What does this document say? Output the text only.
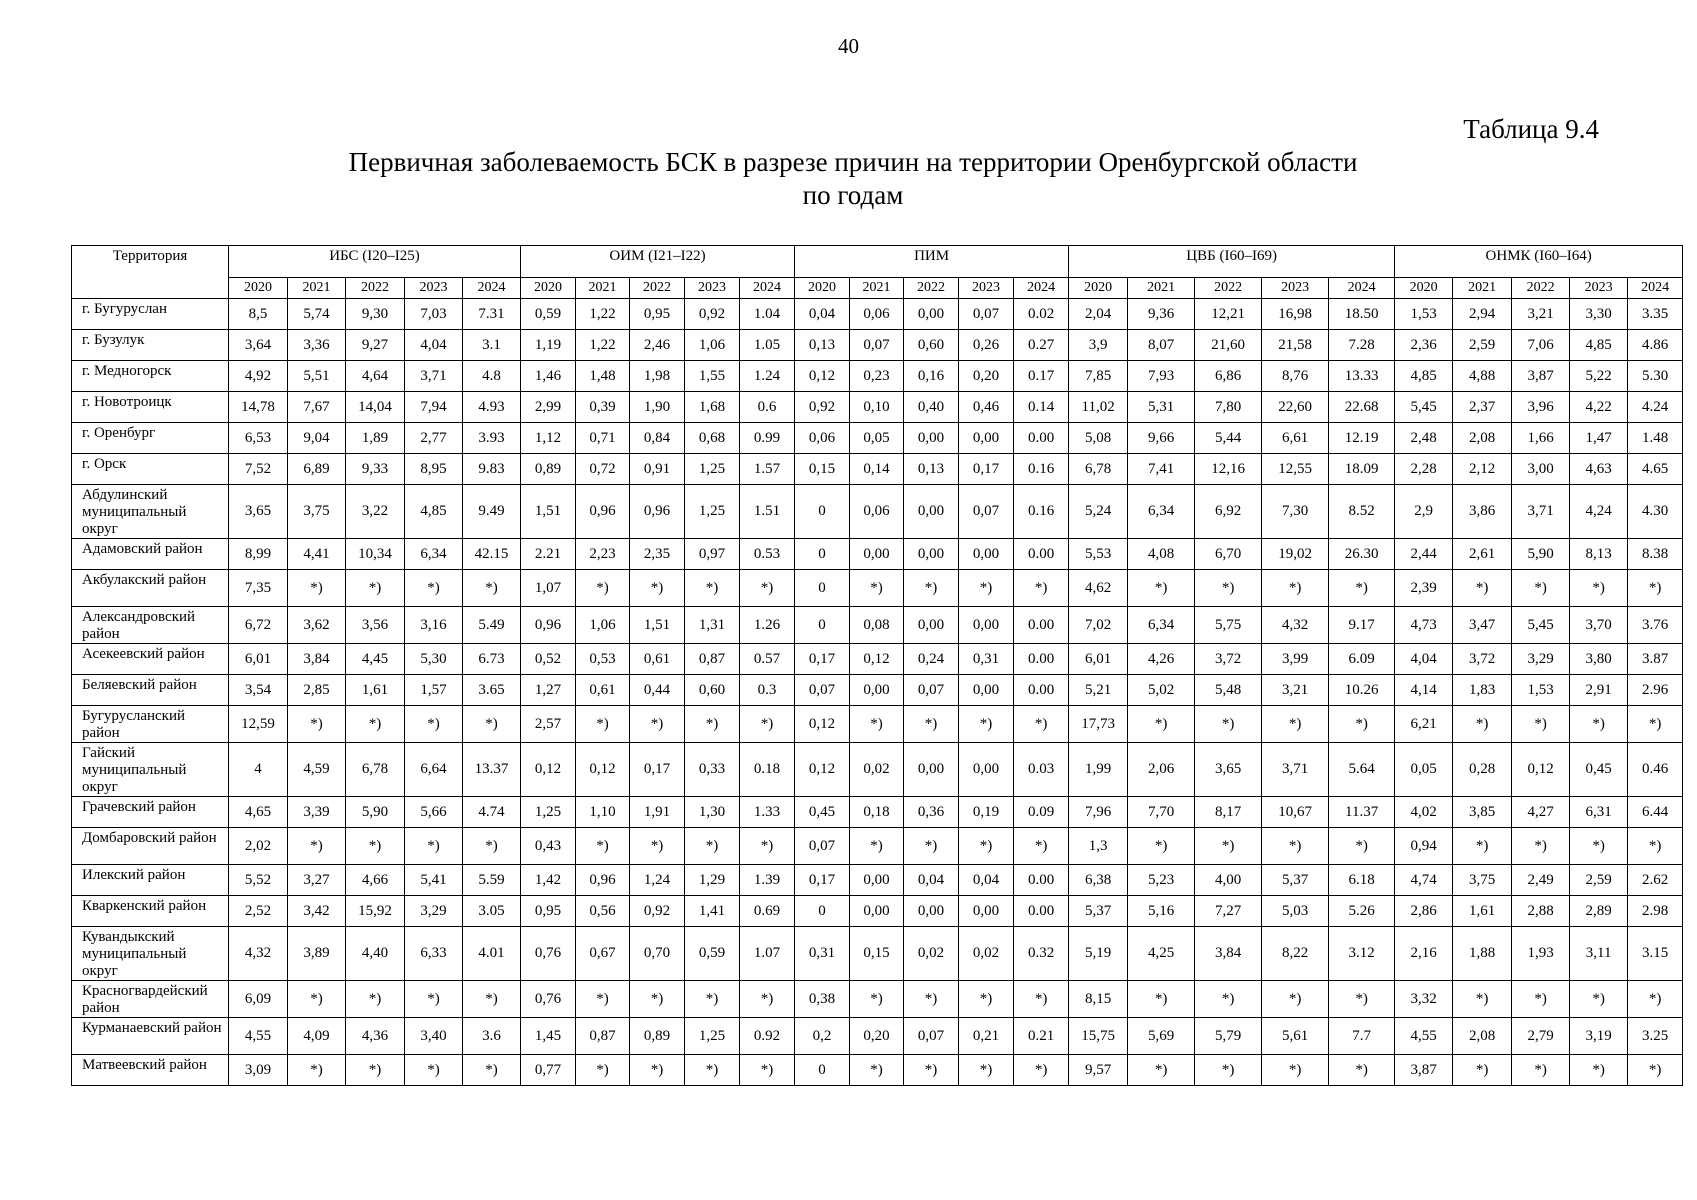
40
Таблица 9.4
Первичная заболеваемость БСК в разрезе причин на территории Оренбургской области
по годам
Территория	ИБС (I20–I25)					ОИМ (I21–I22)					ПИМ					ЦВБ (I60–I69)					ОНМК (I60–I64)				
	2020	2021	2022	2023	2024	2020	2021	2022	2023	2024	2020	2021	2022	2023	2024	2020	2021	2022	2023	2024	2020	2021	2022	2023	2024
г. Бугуруслан	8,5	5,74	9,30	7,03	7.31	0,59	1,22	0,95	0,92	1.04	0,04	0,06	0,00	0,07	0.02	2,04	9,36	12,21	16,98	18.50	1,53	2,94	3,21	3,30	3.35
г. Бузулук	3,64	3,36	9,27	4,04	3.1	1,19	1,22	2,46	1,06	1.05	0,13	0,07	0,60	0,26	0.27	3,9	8,07	21,60	21,58	7.28	2,36	2,59	7,06	4,85	4.86
г. Медногорск	4,92	5,51	4,64	3,71	4.8	1,46	1,48	1,98	1,55	1.24	0,12	0,23	0,16	0,20	0.17	7,85	7,93	6,86	8,76	13.33	4,85	4,88	3,87	5,22	5.30
г. Новотроицк	14,78	7,67	14,04	7,94	4.93	2,99	0,39	1,90	1,68	0.6	0,92	0,10	0,40	0,46	0.14	11,02	5,31	7,80	22,60	22.68	5,45	2,37	3,96	4,22	4.24
г. Оренбург	6,53	9,04	1,89	2,77	3.93	1,12	0,71	0,84	0,68	0.99	0,06	0,05	0,00	0,00	0.00	5,08	9,66	5,44	6,61	12.19	2,48	2,08	1,66	1,47	1.48
г. Орск	7,52	6,89	9,33	8,95	9.83	0,89	0,72	0,91	1,25	1.57	0,15	0,14	0,13	0,17	0.16	6,78	7,41	12,16	12,55	18.09	2,28	2,12	3,00	4,63	4.65
Абдулинский муниципальный округ	3,65	3,75	3,22	4,85	9.49	1,51	0,96	0,96	1,25	1.51	0	0,06	0,00	0,07	0.16	5,24	6,34	6,92	7,30	8.52	2,9	3,86	3,71	4,24	4.30
Адамовский район	8,99	4,41	10,34	6,34	42.15	2.21	2,23	2,35	0,97	0.53	0	0,00	0,00	0,00	0.00	5,53	4,08	6,70	19,02	26.30	2,44	2,61	5,90	8,13	8.38
Акбулакский район	7,35	*)	*)	*)	*)	1,07	*)	*)	*)	*)	0	*)	*)	*)	*)	4,62	*)	*)	*)	*)	2,39	*)	*)	*)	*)
Александровский район	6,72	3,62	3,56	3,16	5.49	0,96	1,06	1,51	1,31	1.26	0	0,08	0,00	0,00	0.00	7,02	6,34	5,75	4,32	9.17	4,73	3,47	5,45	3,70	3.76
Асекеевский район	6,01	3,84	4,45	5,30	6.73	0,52	0,53	0,61	0,87	0.57	0,17	0,12	0,24	0,31	0.00	6,01	4,26	3,72	3,99	6.09	4,04	3,72	3,29	3,80	3.87
Беляевский район	3,54	2,85	1,61	1,57	3.65	1,27	0,61	0,44	0,60	0.3	0,07	0,00	0,07	0,00	0.00	5,21	5,02	5,48	3,21	10.26	4,14	1,83	1,53	2,91	2.96
Бугурусланский район	12,59	*)	*)	*)	*)	2,57	*)	*)	*)	*)	0,12	*)	*)	*)	*)	17,73	*)	*)	*)	*)	6,21	*)	*)	*)	*)
Гайский муниципальный округ	4	4,59	6,78	6,64	13.37	0,12	0,12	0,17	0,33	0.18	0,12	0,02	0,00	0,00	0.03	1,99	2,06	3,65	3,71	5.64	0,05	0,28	0,12	0,45	0.46
Грачевский район	4,65	3,39	5,90	5,66	4.74	1,25	1,10	1,91	1,30	1.33	0,45	0,18	0,36	0,19	0.09	7,96	7,70	8,17	10,67	11.37	4,02	3,85	4,27	6,31	6.44
Домбаровский район	2,02	*)	*)	*)	*)	0,43	*)	*)	*)	*)	0,07	*)	*)	*)	*)	1,3	*)	*)	*)	*)	0,94	*)	*)	*)	*)
Илекский район	5,52	3,27	4,66	5,41	5.59	1,42	0,96	1,24	1,29	1.39	0,17	0,00	0,04	0,04	0.00	6,38	5,23	4,00	5,37	6.18	4,74	3,75	2,49	2,59	2.62
Кваркенский район	2,52	3,42	15,92	3,29	3.05	0,95	0,56	0,92	1,41	0.69	0	0,00	0,00	0,00	0.00	5,37	5,16	7,27	5,03	5.26	2,86	1,61	2,88	2,89	2.98
Кувандыкский муниципальный округ	4,32	3,89	4,40	6,33	4.01	0,76	0,67	0,70	0,59	1.07	0,31	0,15	0,02	0,02	0.32	5,19	4,25	3,84	8,22	3.12	2,16	1,88	1,93	3,11	3.15
Красногвардейский район	6,09	*)	*)	*)	*)	0,76	*)	*)	*)	*)	0,38	*)	*)	*)	*)	8,15	*)	*)	*)	*)	3,32	*)	*)	*)	*)
Курманаевский район	4,55	4,09	4,36	3,40	3.6	1,45	0,87	0,89	1,25	0.92	0,2	0,20	0,07	0,21	0.21	15,75	5,69	5,79	5,61	7.7	4,55	2,08	2,79	3,19	3.25
Матвеевский район	3,09	*)	*)	*)	*)	0,77	*)	*)	*)	*)	0	*)	*)	*)	*)	9,57	*)	*)	*)	*)	3,87	*)	*)	*)	*)
